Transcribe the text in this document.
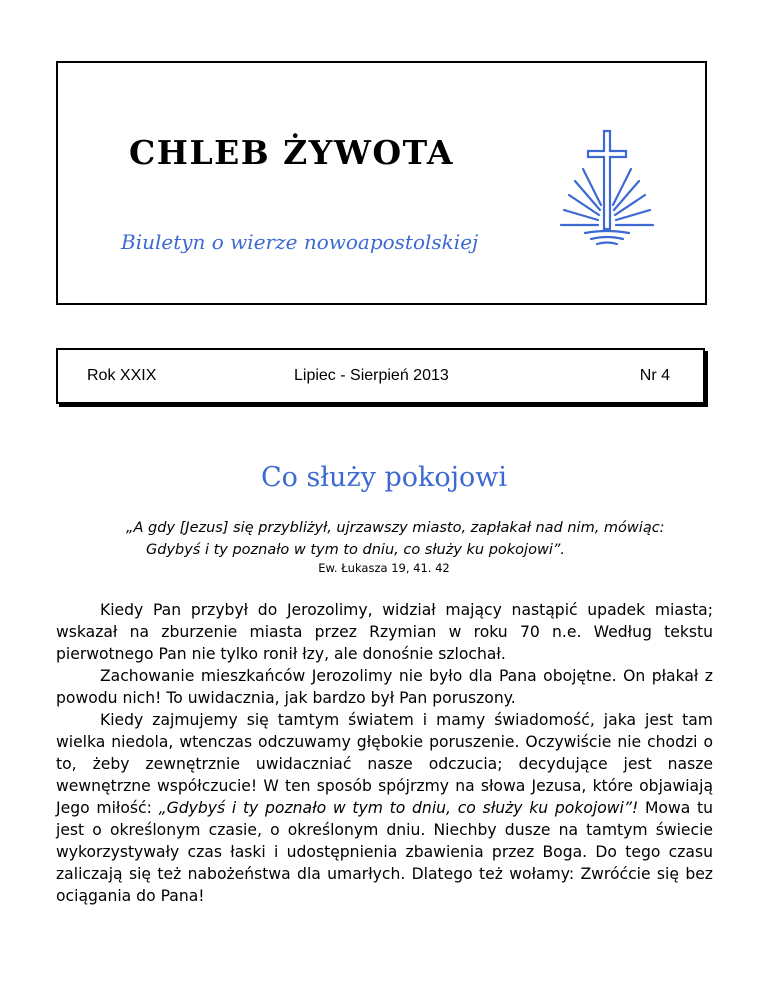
CHLEB ŻYWOTA
Biuletyn o wierze nowoapostolskiej
Rok XXIX	Lipiec - Sierpień 2013	Nr 4
Co służy pokojowi
„A gdy [Jezus] się przybliżył, ujrzawszy miasto, zapłakał nad nim, mówiąc:
Gdybyś i ty poznało w tym to dniu, co służy ku pokojowi”.
Ew. Łukasza 19, 41. 42

Kiedy Pan przybył do Jerozolimy, widział mający nastąpić upadek miasta; wskazał na zburzenie miasta przez Rzymian w roku 70 n.e. Według tekstu pierwotnego Pan nie tylko ronił łzy, ale donośnie szlochał.

Zachowanie mieszkańców Jerozolimy nie było dla Pana obojętne. On płakał z powodu nich! To uwidacznia, jak bardzo był Pan poruszony.

Kiedy zajmujemy się tamtym światem i mamy świadomość, jaka jest tam wielka niedola, wtenczas odczuwamy głębokie poruszenie. Oczywiście nie chodzi o to, żeby zewnętrznie uwidaczniać nasze odczucia; decydujące jest nasze wewnętrzne współczucie! W ten sposób spójrzmy na słowa Jezusa, które objawiają Jego miłość: „Gdybyś i ty poznało w tym to dniu, co służy ku pokojowi”! Mowa tu jest o określonym czasie, o określonym dniu. Niechby dusze na tamtym świecie wykorzystywały czas łaski i udostępnienia zbawienia przez Boga. Do tego czasu zaliczają się też nabożeństwa dla umarłych. Dlatego też wołamy: Zwróćcie się bez ociągania do Pana!
